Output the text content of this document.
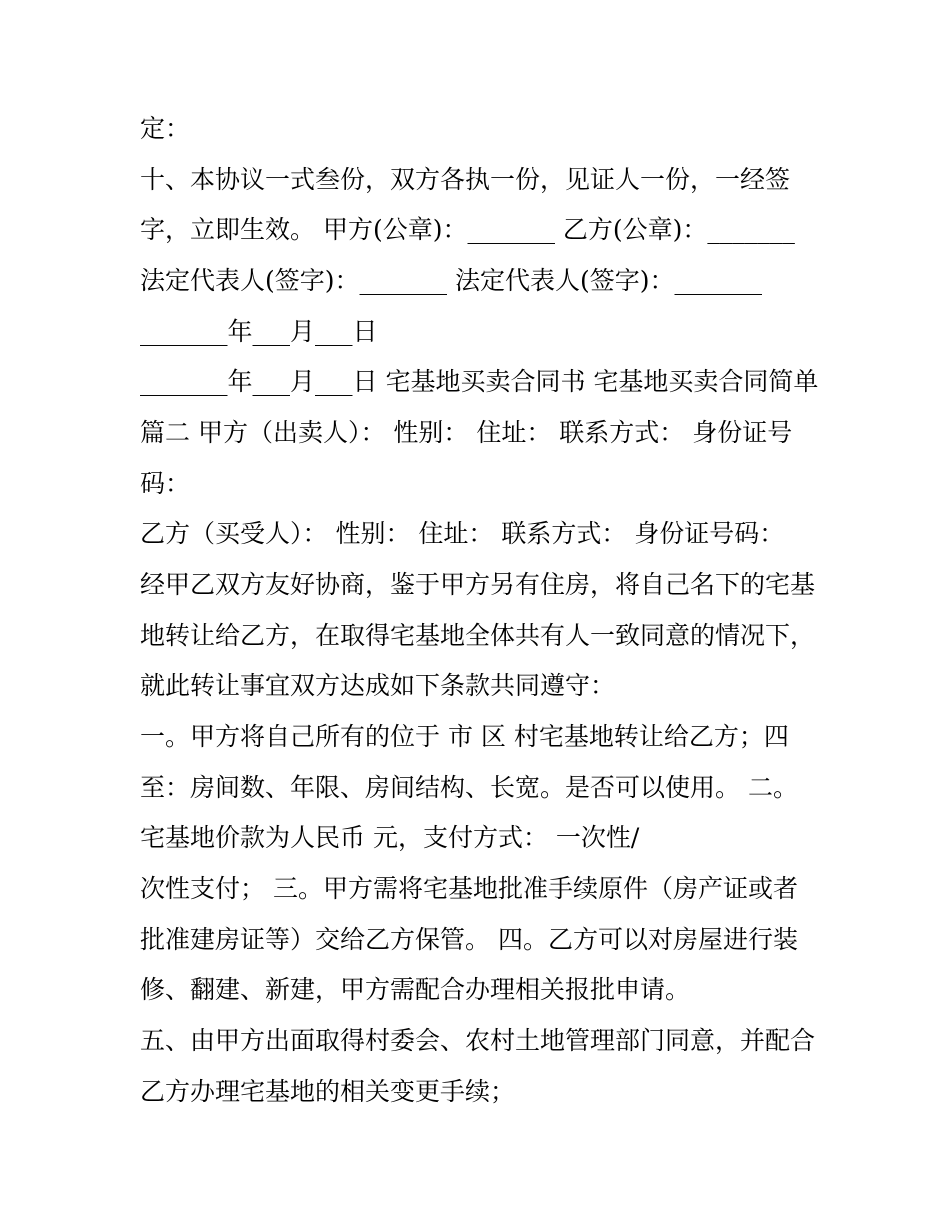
定：
十、本协议一式叁份，双方各执一份，见证人一份，一经签
字，立即生效。 甲方(公章)：_______ 乙方(公章)：_______
法定代表人(签字)：_______ 法定代表人(签字)：_______
_______年___月___日
_______年___月___日 宅基地买卖合同书 宅基地买卖合同简单
篇二 甲方（出卖人）： 性别： 住址： 联系方式： 身份证号
码：
乙方（买受人）： 性别： 住址： 联系方式： 身份证号码：
经甲乙双方友好协商，鉴于甲方另有住房，将自己名下的宅基
地转让给乙方，在取得宅基地全体共有人一致同意的情况下，
就此转让事宜双方达成如下条款共同遵守：
一。甲方将自己所有的位于 市 区 村宅基地转让给乙方；四
至：房间数、年限、房间结构、长宽。是否可以使用。 二。
宅基地价款为人民币 元，支付方式： 一次性/
次性支付； 三。甲方需将宅基地批准手续原件（房产证或者
批准建房证等）交给乙方保管。 四。乙方可以对房屋进行装
修、翻建、新建，甲方需配合办理相关报批申请。
五、由甲方出面取得村委会、农村土地管理部门同意，并配合
乙方办理宅基地的相关变更手续；
